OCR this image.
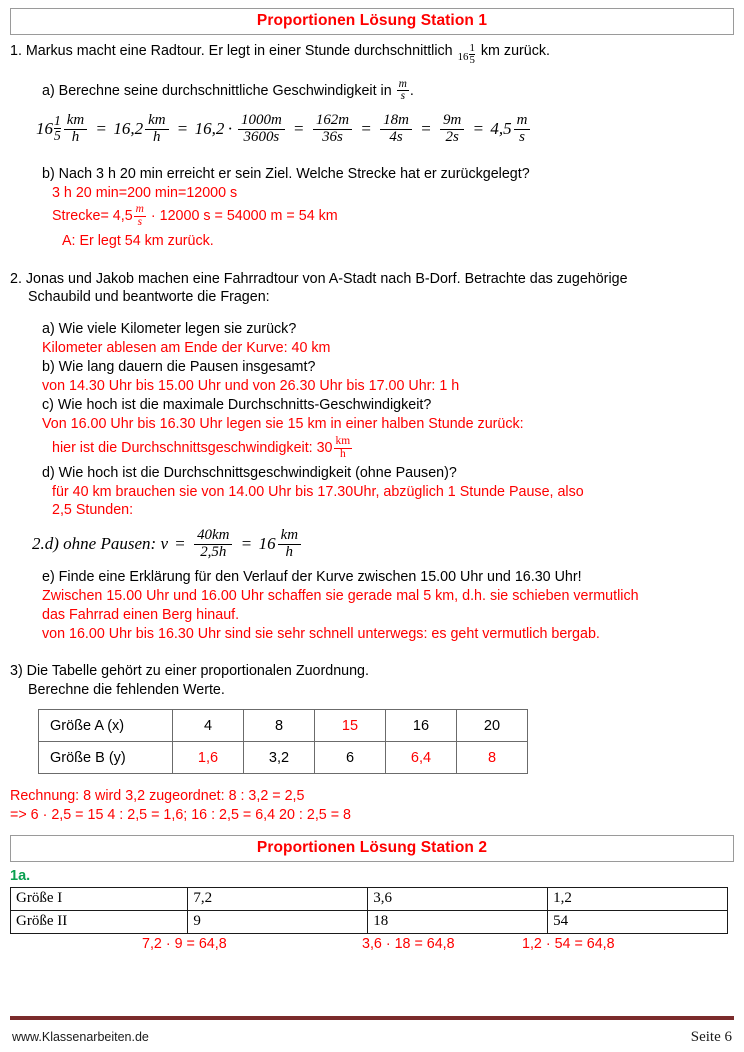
Proportionen Lösung Station 1
1. Markus macht eine Radtour. Er legt in einer Stunde durchschnittlich $16 \frac{1}{5}$ km zurück.
a) Berechne seine durchschnittliche Geschwindigkeit in $\frac{m}{s}$ .
$16 \frac{1}{5} \frac{km}{h} = 16,2 \frac{km}{h} = 16,2 \cdot \frac{1000m}{3600s} = \frac{162m}{36s} = \frac{18m}{4s} = \frac{9m}{2s} = 4,5 \frac{m}{s}$
b) Nach 3 h 20 min erreicht er sein Ziel. Welche Strecke hat er zurückgelegt?
3 h 20 min=200 min=12000 s
Strecke= $4,5 \frac{m}{s} \cdot 12000$ s = 54000 m = 54 km
A: Er legt 54 km zurück.
2. Jonas und Jakob machen eine Fahrradtour von A-Stadt nach B-Dorf. Betrachte das zugehörige
Schaubild und beantworte die Fragen:
a) Wie viele Kilometer legen sie zurück?
Kilometer ablesen am Ende der Kurve: 40 km
b) Wie lang dauern die Pausen insgesamt?
von 14.30 Uhr bis 15.00 Uhr und von 26.30 Uhr bis 17.00 Uhr: 1 h
c) Wie hoch ist die maximale Durchschnitts-Geschwindigkeit?
Von 16.00 Uhr bis 16.30 Uhr legen sie 15 km in einer halben Stunde zurück:
hier ist die Durchschnittsgeschwindigkeit: $30 \frac{km}{h}$
d) Wie hoch ist die Durchschnittsgeschwindigkeit (ohne Pausen)?
für 40 km brauchen sie von 14.00 Uhr bis 17.30Uhr, abzüglich 1 Stunde Pause, also
2,5 Stunden:
2.d) ohne Pausen: $v = \frac{40km}{2,5h} = 16 \frac{km}{h}$
e) Finde eine Erklärung für den Verlauf der Kurve zwischen 15.00 Uhr und 16.30 Uhr!
Zwischen 15.00 Uhr und 16.00 Uhr schaffen sie gerade mal 5 km, d.h. sie schieben vermutlich
das Fahrrad einen Berg hinauf.
von 16.00 Uhr bis 16.30 Uhr sind sie sehr schnell unterwegs: es geht vermutlich bergab.
3) Die Tabelle gehört zu einer proportionalen Zuordnung.
Berechne die fehlenden Werte.
Größe A (x)	4	8	15	16	20
Größe B (y)	1,6	3,2	6	6,4	8
Rechnung: 8 wird 3,2 zugeordnet: 8 : 3,2 = 2,5
=> 6 · 2,5 = 15 4 : 2,5 = 1,6; 16 : 2,5 = 6,4 20 : 2,5 = 8
Proportionen Lösung Station 2
1a.
Größe I	7,2	3,6	1,2
Größe II	9	18	54
7,2 · 9 = 64,8	3,6 · 18 = 64,8	1,2 · 54 = 64,8
www.Klassenarbeiten.de	Seite 6
